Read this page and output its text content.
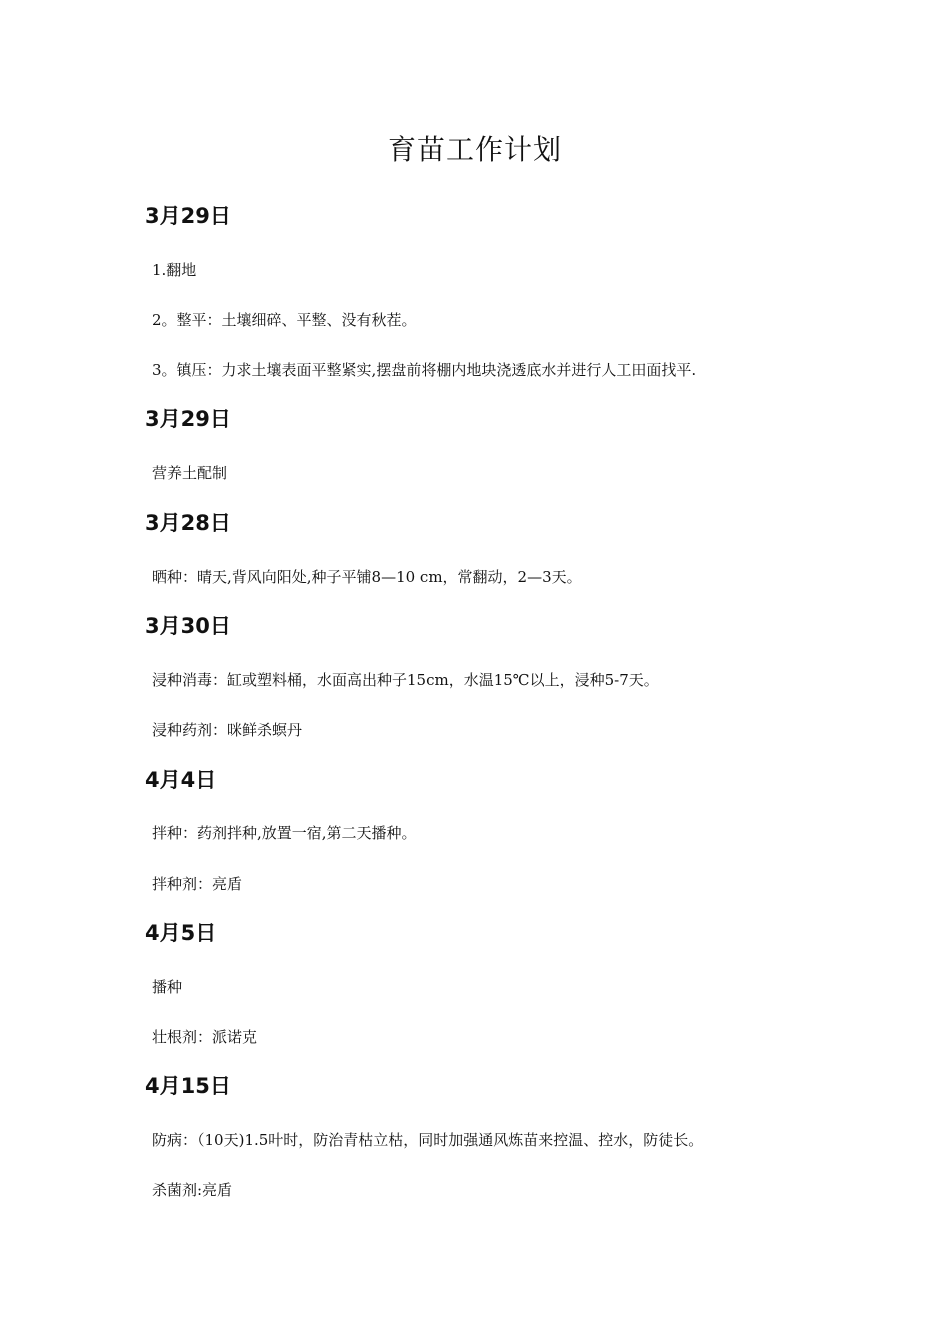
育苗工作计划
3月29日

1.翻地

2。整平：土壤细碎、平整、没有秋茬。

3。镇压：力求土壤表面平整紧实,摆盘前将棚内地块浇透底水并进行人工田面找平.

3月29日

营养土配制

3月28日

晒种：晴天,背风向阳处,种子平铺8—10 cm，常翻动，2—3天。

3月30日

浸种消毒：缸或塑料桶，水面高出种子15cm，水温15℃以上，浸种5-7天。

浸种药剂：咪鲜杀螟丹

4月4日

拌种：药剂拌种,放置一宿,第二天播种。

拌种剂：亮盾

4月5日

播种

壮根剂：派诺克

4月15日

防病：（10天)1.5叶时，防治青枯立枯，同时加强通风炼苗来控温、控水，防徒长。

杀菌剂:亮盾
